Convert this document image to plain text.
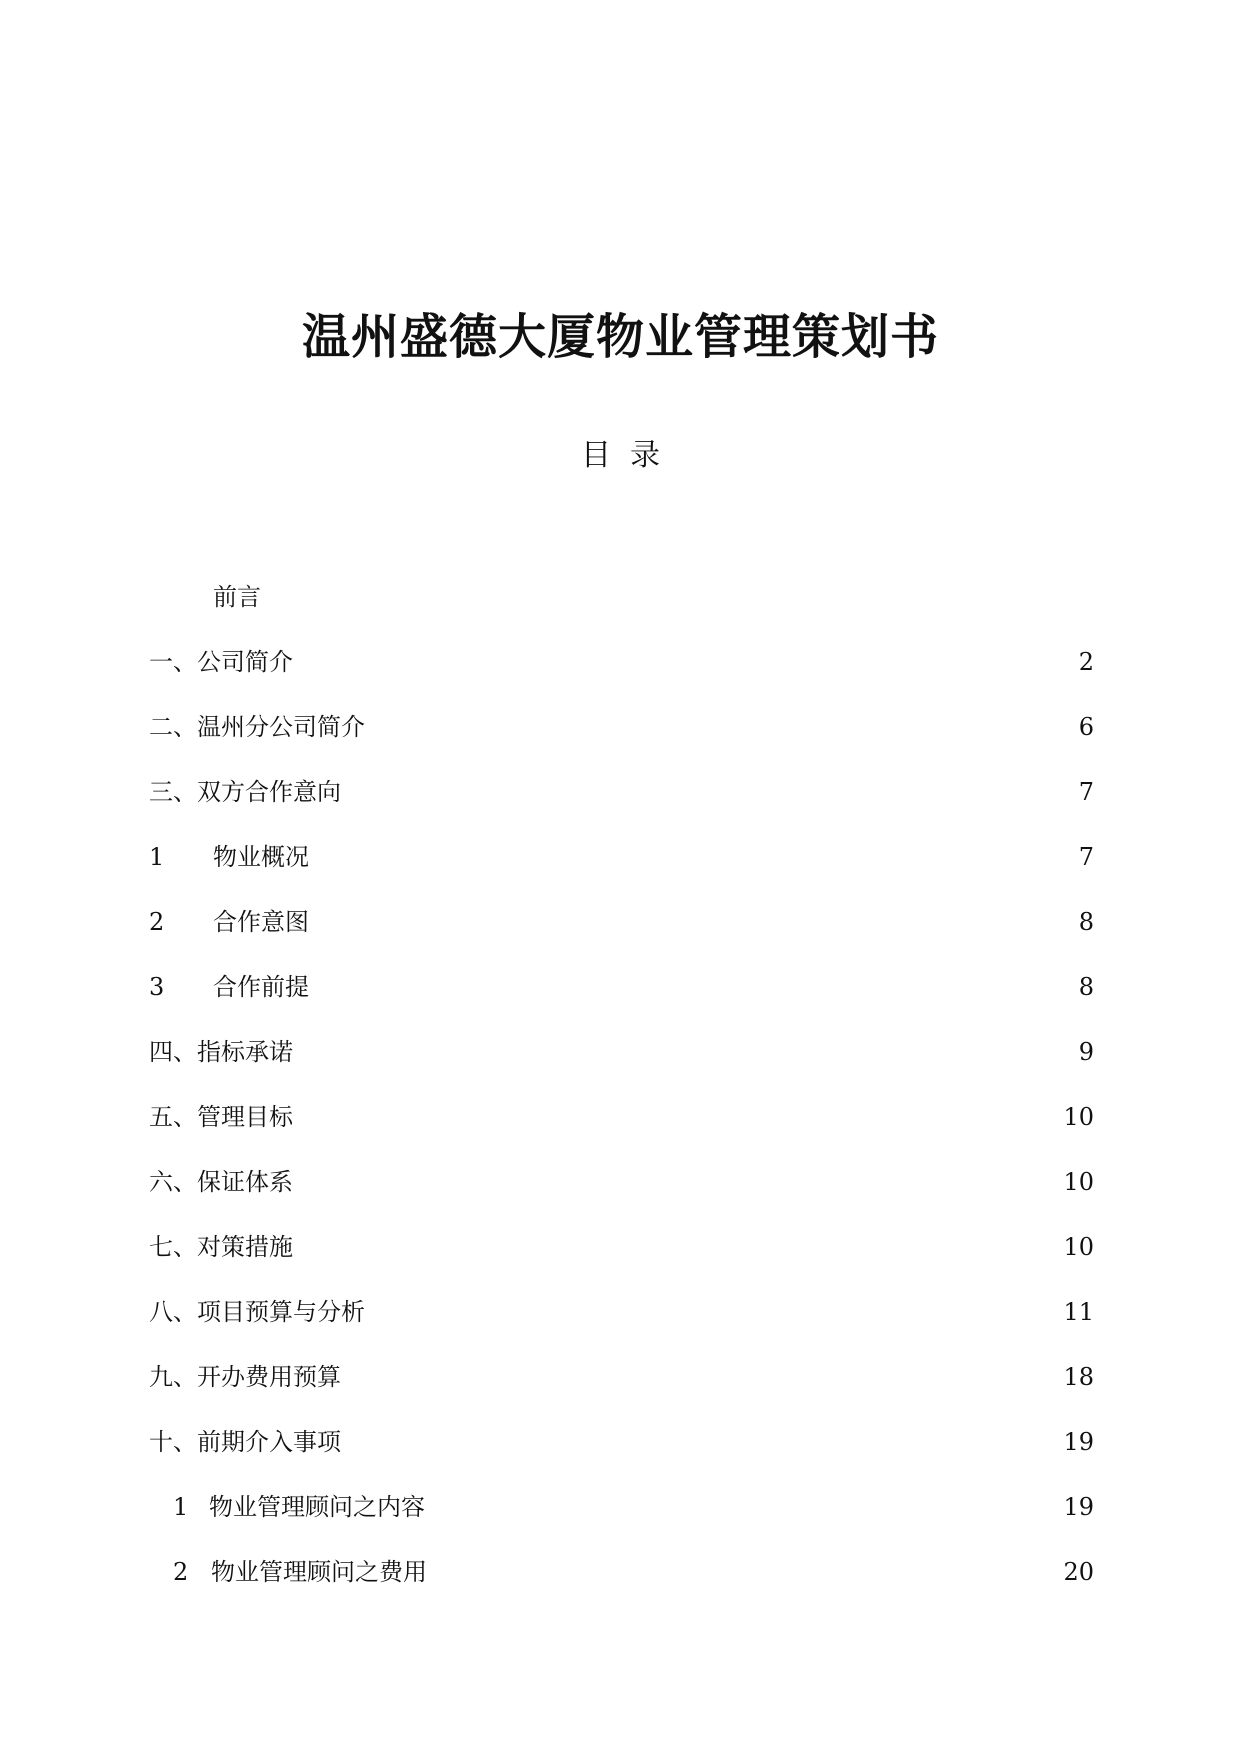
温州盛德大厦物业管理策划书
目  录
前言
一、公司简介	2
二、温州分公司简介	6
三、双方合作意向	7
1 物业概况	7
2 合作意图	8
3 合作前提	8
四、指标承诺	9
五、管理目标	10
六、保证体系	10
七、对策措施	10
八、项目预算与分析	11
九、开办费用预算	18
十、前期介入事项	19
1 物业管理顾问之内容	19
2 物业管理顾问之费用	20
